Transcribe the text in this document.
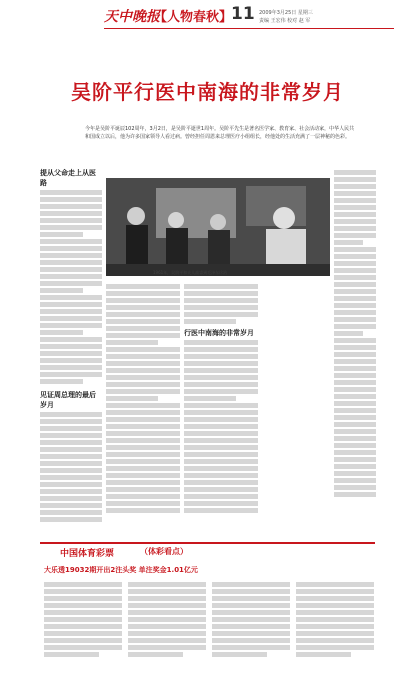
天中晚报
【人物春秋】
11 2009年3月25日 星期三
责编 王宏伟 校对 赵 军
吴阶平行医中南海的非常岁月
今年是吴阶平诞辰102周年，3月2日，是吴阶平逝世1周年。吴阶平先生是著名医学家、教育家、社会活动家，中华人民共和国成立以后，他为许多国家领导人看过病。曾经担任周恩来总理医疗小组组长，经他处的生活充满了一层神秘的色彩。
提从父命走上从医路
见证周总理的最后岁月
1961年，吴阶平和夫人高睿到毛泽东诊治
行医中南海的非常岁月
中国体育彩票	（体彩看点）
大乐透19032期开出2注头奖 单注奖金1.01亿元
